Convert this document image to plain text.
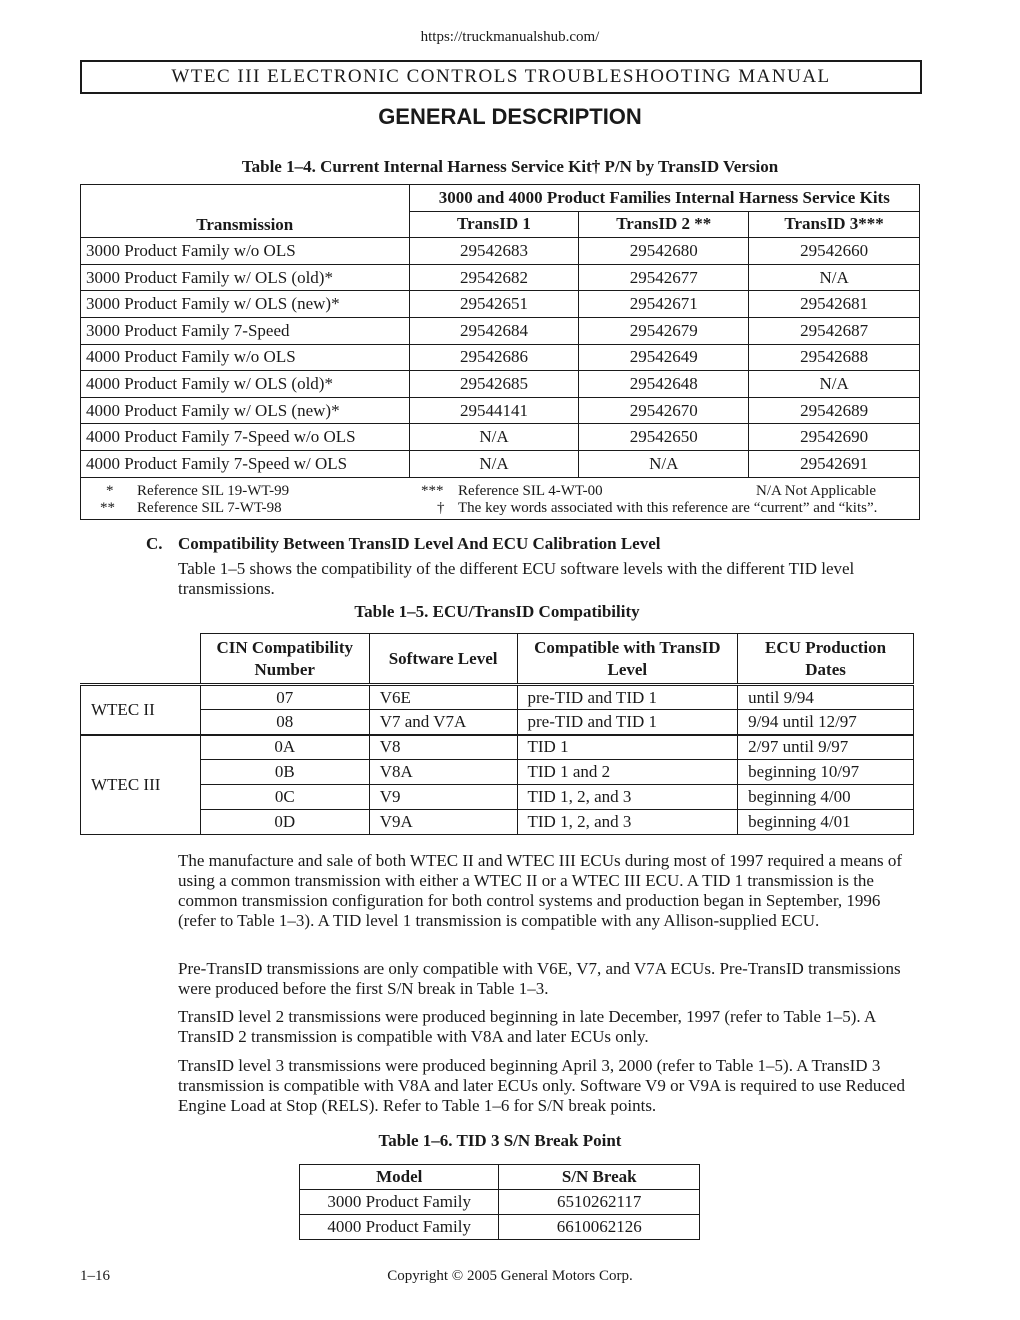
https://truckmanualshub.com/
WTEC III ELECTRONIC CONTROLS TROUBLESHOOTING MANUAL
GENERAL DESCRIPTION
Table 1–4. Current Internal Harness Service Kit† P/N by TransID Version
Transmission	3000 and 4000 Product Families Internal Harness Service Kits		
	TransID 1	TransID 2 **	TransID 3***
3000 Product Family w/o OLS	29542683	29542680	29542660
3000 Product Family w/ OLS (old)*	29542682	29542677	N/A
3000 Product Family w/ OLS (new)*	29542651	29542671	29542681
3000 Product Family 7-Speed	29542684	29542679	29542687
4000 Product Family w/o OLS	29542686	29542649	29542688
4000 Product Family w/ OLS (old)*	29542685	29542648	N/A
4000 Product Family w/ OLS (new)*	29544141	29542670	29542689
4000 Product Family 7-Speed w/o OLS	N/A	29542650	29542690
4000 Product Family 7-Speed w/ OLS	N/A	N/A	29542691

* Reference SIL 19-WT-99
** Reference SIL 7-WT-98
*** Reference SIL 4-WT-00
† The key words associated with this reference are “current” and “kits”.
N/A Not Applicable
C. Compatibility Between TransID Level And ECU Calibration Level
Table 1–5 shows the compatibility of the different ECU software levels with the different TID level transmissions.
Table 1–5. ECU/TransID Compatibility
	CIN Compatibility Number	Software Level	Compatible with TransID Level	ECU Production Dates
WTEC II	07	V6E	pre-TID and TID 1	until 9/94
	08	V7 and V7A	pre-TID and TID 1	9/94 until 12/97
WTEC III	0A	V8	TID 1	2/97 until 9/97
	0B	V8A	TID 1 and 2	beginning 10/97
	0C	V9	TID 1, 2, and 3	beginning 4/00
	0D	V9A	TID 1, 2, and 3	beginning 4/01
The manufacture and sale of both WTEC II and WTEC III ECUs during most of 1997 required a means of using a common transmission with either a WTEC II or a WTEC III ECU. A TID 1 transmission is the common transmission configuration for both control systems and production began in September, 1996 (refer to Table 1–3). A TID level 1 transmission is compatible with any Allison-supplied ECU.
Pre-TransID transmissions are only compatible with V6E, V7, and V7A ECUs. Pre-TransID transmissions were produced before the first S/N break in Table 1–3.
TransID level 2 transmissions were produced beginning in late December, 1997 (refer to Table 1–5). A TransID 2 transmission is compatible with V8A and later ECUs only.
TransID level 3 transmissions were produced beginning April 3, 2000 (refer to Table 1–5). A TransID 3 transmission is compatible with V8A and later ECUs only. Software V9 or V9A is required to use Reduced Engine Load at Stop (RELS). Refer to Table 1–6 for S/N break points.
Table 1–6. TID 3 S/N Break Point
Model	S/N Break
3000 Product Family	6510262117
4000 Product Family	6610062126
1–16	Copyright © 2005 General Motors Corp.
